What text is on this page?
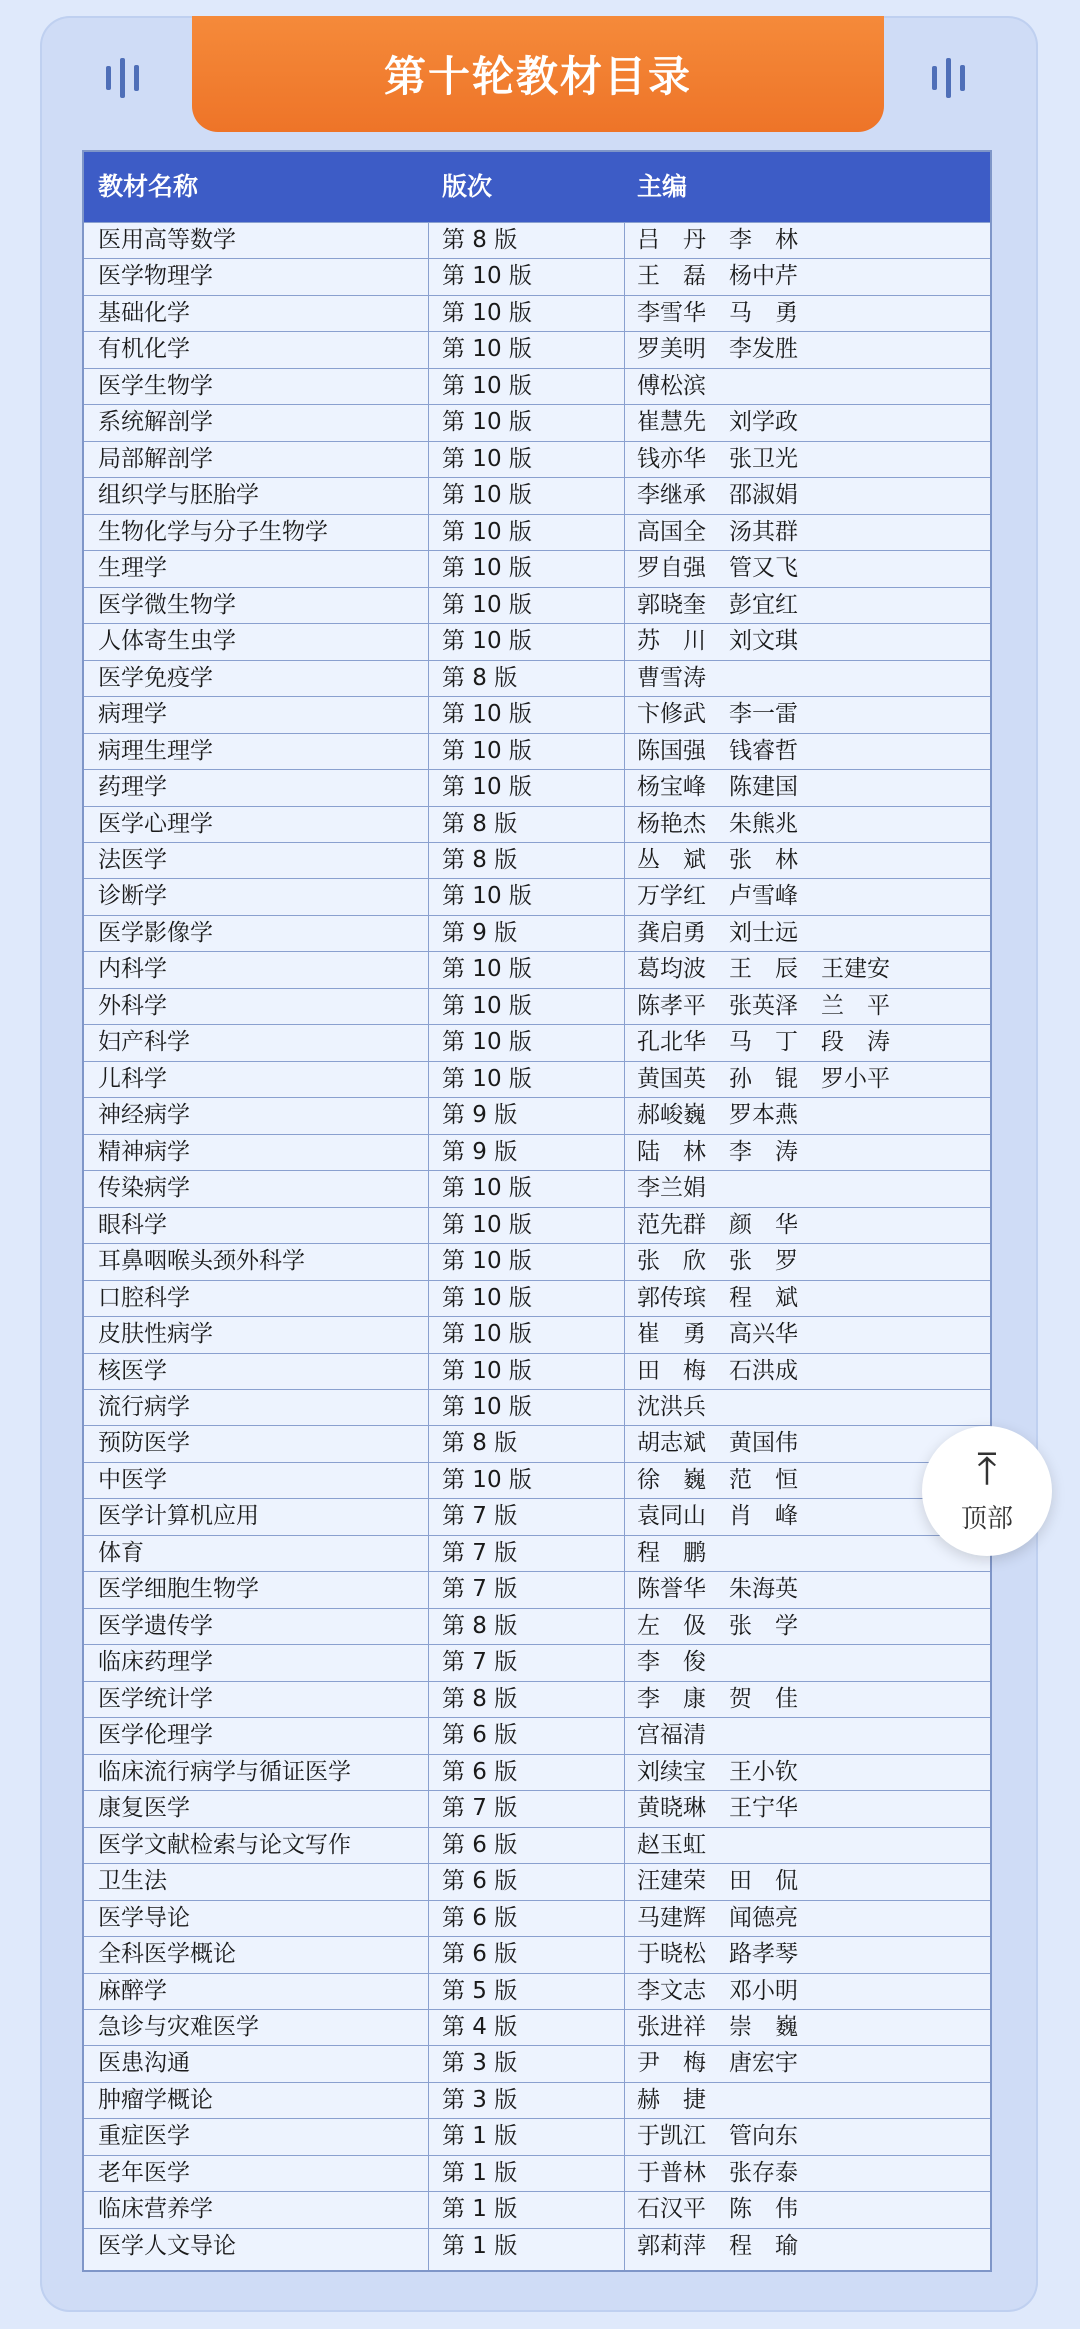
第十轮教材目录
教材名称	版次	主编
医用高等数学	第 8 版	吕　丹　李　林
医学物理学	第 10 版	王　磊　杨中芹
基础化学	第 10 版	李雪华　马　勇
有机化学	第 10 版	罗美明　李发胜
医学生物学	第 10 版	傅松滨
系统解剖学	第 10 版	崔慧先　刘学政
局部解剖学	第 10 版	钱亦华　张卫光
组织学与胚胎学	第 10 版	李继承　邵淑娟
生物化学与分子生物学	第 10 版	高国全　汤其群
生理学	第 10 版	罗自强　管又飞
医学微生物学	第 10 版	郭晓奎　彭宜红
人体寄生虫学	第 10 版	苏　川　刘文琪
医学免疫学	第 8 版	曹雪涛
病理学	第 10 版	卞修武　李一雷
病理生理学	第 10 版	陈国强　钱睿哲
药理学	第 10 版	杨宝峰　陈建国
医学心理学	第 8 版	杨艳杰　朱熊兆
法医学	第 8 版	丛　斌　张　林
诊断学	第 10 版	万学红　卢雪峰
医学影像学	第 9 版	龚启勇　刘士远
内科学	第 10 版	葛均波　王　辰　王建安
外科学	第 10 版	陈孝平　张英泽　兰　平
妇产科学	第 10 版	孔北华　马　丁　段　涛
儿科学	第 10 版	黄国英　孙　锟　罗小平
神经病学	第 9 版	郝峻巍　罗本燕
精神病学	第 9 版	陆　林　李　涛
传染病学	第 10 版	李兰娟
眼科学	第 10 版	范先群　颜　华
耳鼻咽喉头颈外科学	第 10 版	张　欣　张　罗
口腔科学	第 10 版	郭传瑸　程　斌
皮肤性病学	第 10 版	崔　勇　高兴华
核医学	第 10 版	田　梅　石洪成
流行病学	第 10 版	沈洪兵
预防医学	第 8 版	胡志斌　黄国伟
中医学	第 10 版	徐　巍　范　恒
医学计算机应用	第 7 版	袁同山　肖　峰
体育	第 7 版	程　鹏
医学细胞生物学	第 7 版	陈誉华　朱海英
医学遗传学	第 8 版	左　伋　张　学
临床药理学	第 7 版	李　俊
医学统计学	第 8 版	李　康　贺　佳
医学伦理学	第 6 版	宫福清
临床流行病学与循证医学	第 6 版	刘续宝　王小钦
康复医学	第 7 版	黄晓琳　王宁华
医学文献检索与论文写作	第 6 版	赵玉虹
卫生法	第 6 版	汪建荣　田　侃
医学导论	第 6 版	马建辉　闻德亮
全科医学概论	第 6 版	于晓松　路孝琴
麻醉学	第 5 版	李文志　邓小明
急诊与灾难医学	第 4 版	张进祥　崇　巍
医患沟通	第 3 版	尹　梅　唐宏宇
肿瘤学概论	第 3 版	赫　捷
重症医学	第 1 版	于凯江　管向东
老年医学	第 1 版	于普林　张存泰
临床营养学	第 1 版	石汉平　陈　伟
医学人文导论	第 1 版	郭莉萍　程　瑜
⤒
顶部
